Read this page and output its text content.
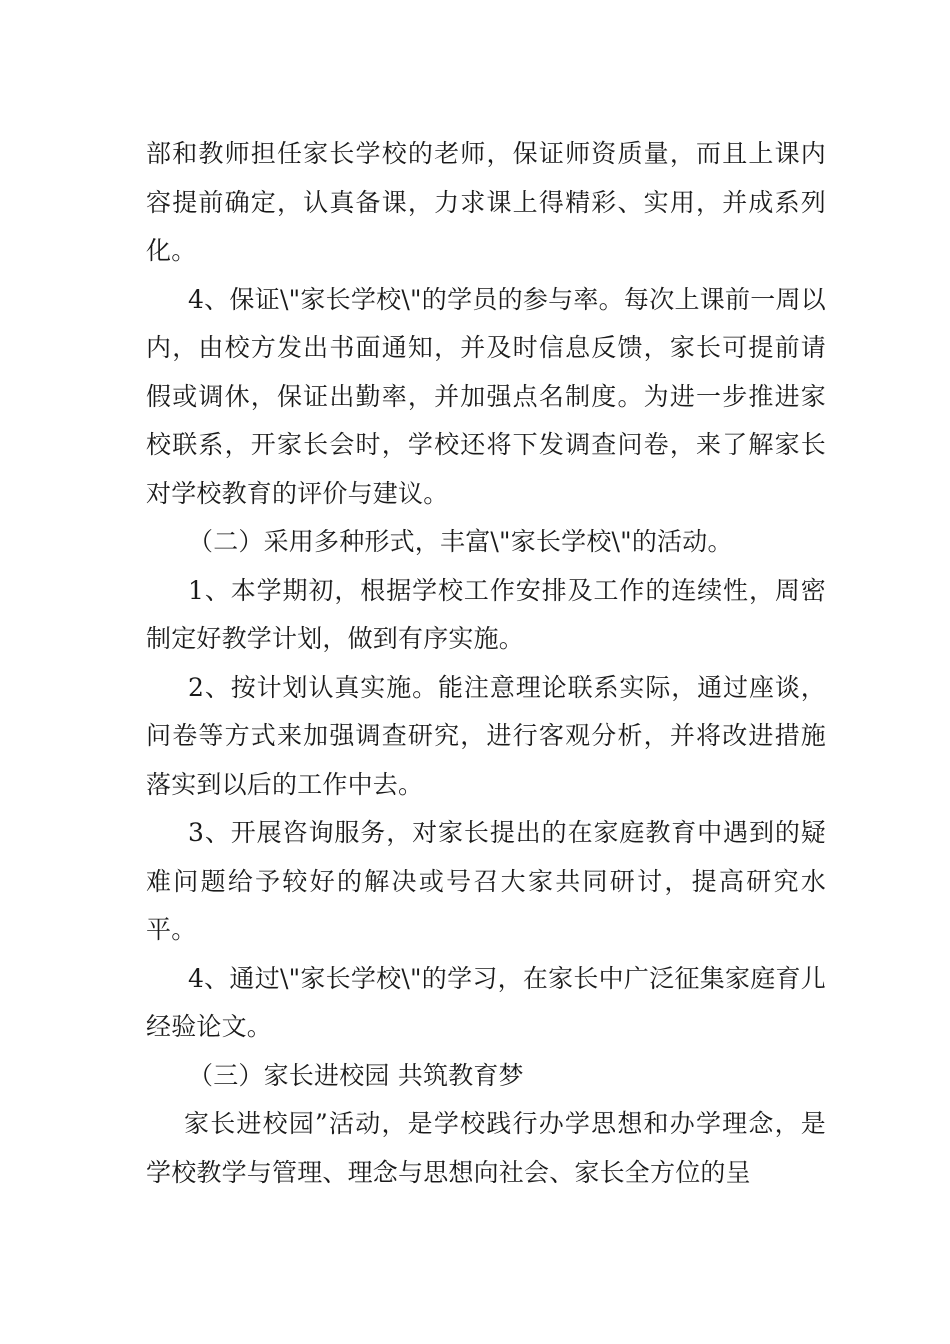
部和教师担任家长学校的老师，保证师资质量，而且上课内容提前确定，认真备课，力求课上得精彩、实用，并成系列化。

4、保证\"家长学校\"的学员的参与率。每次上课前一周以内，由校方发出书面通知，并及时信息反馈，家长可提前请假或调休，保证出勤率，并加强点名制度。为进一步推进家校联系，开家长会时，学校还将下发调查问卷，来了解家长对学校教育的评价与建议。

（二）采用多种形式，丰富\"家长学校\"的活动。

1、本学期初，根据学校工作安排及工作的连续性，周密制定好教学计划，做到有序实施。

2、按计划认真实施。能注意理论联系实际，通过座谈，问卷等方式来加强调查研究，进行客观分析，并将改进措施落实到以后的工作中去。

3、开展咨询服务，对家长提出的在家庭教育中遇到的疑难问题给予较好的解决或号召大家共同研讨，提高研究水平。

4、通过\"家长学校\"的学习，在家长中广泛征集家庭育儿经验论文。

（三）家长进校园 共筑教育梦

家长进校园”活动，是学校践行办学思想和办学理念，是学校教学与管理、理念与思想向社会、家长全方位的呈
